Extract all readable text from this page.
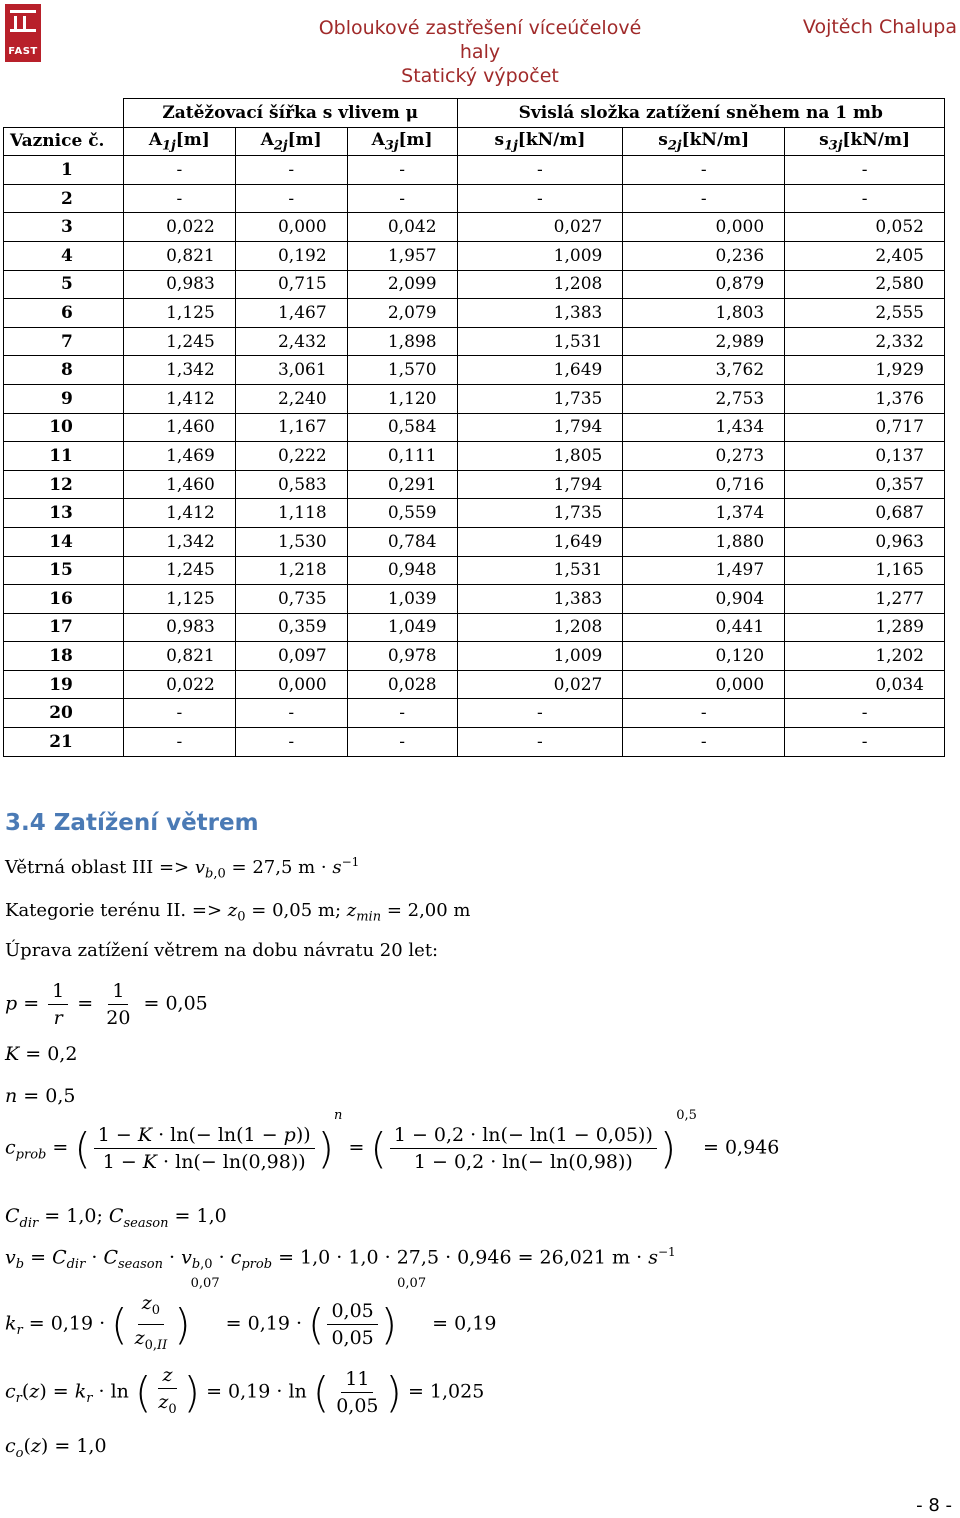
FAST
Obloukové zastřešení víceúčelové haly
Statický výpočet
Vojtěch Chalupa
	Zatěžovací šířka s vlivem μ			Svislá složka zatížení sněhem na 1 mb		
Vaznice č.	$A_{1j}[m]$	$A_{2j}[m]$	$A_{3j}[m]$	$s_{1j}[kN/m]$	$s_{2j}[kN/m]$	$s_{3j}[kN/m]$
1	-	-	-	-	-	-
2	-	-	-	-	-	-
3	0,022	0,000	0,042	0,027	0,000	0,052
4	0,821	0,192	1,957	1,009	0,236	2,405
5	0,983	0,715	2,099	1,208	0,879	2,580
6	1,125	1,467	2,079	1,383	1,803	2,555
7	1,245	2,432	1,898	1,531	2,989	2,332
8	1,342	3,061	1,570	1,649	3,762	1,929
9	1,412	2,240	1,120	1,735	2,753	1,376
10	1,460	1,167	0,584	1,794	1,434	0,717
11	1,469	0,222	0,111	1,805	0,273	0,137
12	1,460	0,583	0,291	1,794	0,716	0,357
13	1,412	1,118	0,559	1,735	1,374	0,687
14	1,342	1,530	0,784	1,649	1,880	0,963
15	1,245	1,218	0,948	1,531	1,497	1,165
16	1,125	0,735	1,039	1,383	0,904	1,277
17	0,983	0,359	1,049	1,208	0,441	1,289
18	0,821	0,097	0,978	1,009	0,120	1,202
19	0,022	0,000	0,028	0,027	0,000	0,034
20	-	-	-	-	-	-
21	-	-	-	-	-	-
3.4 Zatížení větrem
Větrná oblast III => $v_{b,0} = 27,5$ $m \cdot s^{-1}$
Kategorie terénu II. => $z_0 = 0,05$ m; $z_{min} = 2,00$ m
Úprava zatížení větrem na dobu návratu 20 let:
$p = \frac{1}{r} = \frac{1}{20} = 0,05$
K = 0,2
n = 0,5
$c_{prob}$ = ( $\frac{1 - K \cdot \ln(- \ln(1 - p))}{1 - K \cdot \ln(- \ln(0,98))} )^n$ = ( $\frac{1 - 0,2 \cdot \ln(- \ln(1 - 0,05))}{1 - 0,2 \cdot \ln(- \ln(0,98))} )^{0,5} = 0,946$
$C_{dir} = 1,0$; $C_{season} = 1,0$
$v_b = C_{dir} \cdot C_{season} \cdot v_{b,0} \cdot c_{prob} = 1,0 \cdot 1,0 \cdot 27,5 \cdot 0,946 = 26,021$ $m \cdot s^{-1}$
$k_r = 0,19$ · ( $\frac{z_0}{z_{0,II}} )^{0,07} = 0,19$ · ( $\frac{0,05}{0,05} )^{0,07} = 0,19$
$c_r(z) = k_r \cdot \ln$ ( $\frac{z}{z_0}$ ) = 0,19 · ln ( $\frac{11}{0,05}$ ) = 1,025
$c_o(z) = 1,0$
- 8 -
